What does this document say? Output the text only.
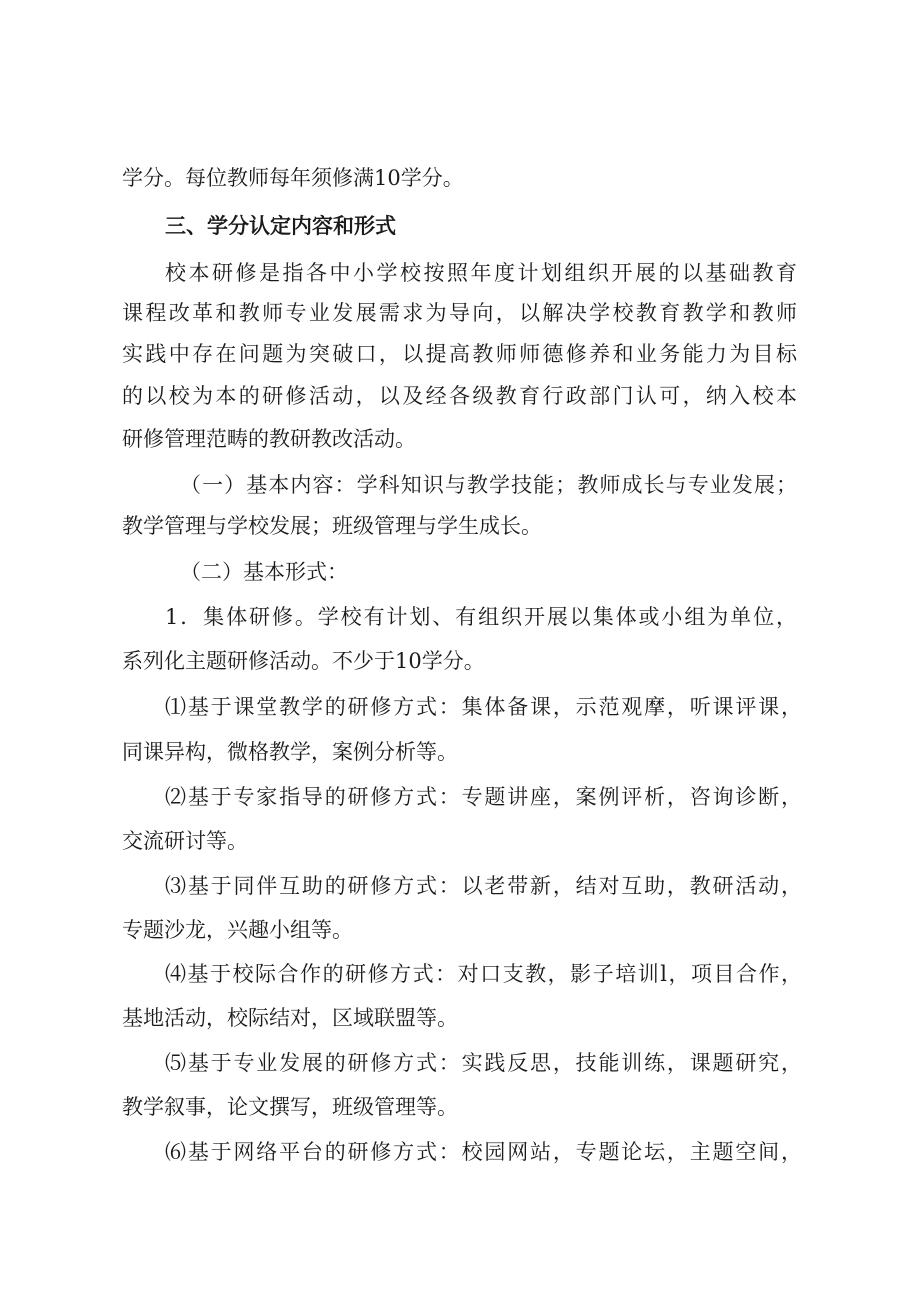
学分。每位教师每年须修满10学分。
三、学分认定内容和形式
校本研修是指各中小学校按照年度计划组织开展的以基础教育
课程改革和教师专业发展需求为导向，以解决学校教育教学和教师
实践中存在问题为突破口，以提高教师师德修养和业务能力为目标
的以校为本的研修活动，以及经各级教育行政部门认可，纳入校本
研修管理范畴的教研教改活动。
（一）基本内容：学科知识与教学技能；教师成长与专业发展；
教学管理与学校发展；班级管理与学生成长。
（二）基本形式：
1．集体研修。学校有计划、有组织开展以集体或小组为单位，
系列化主题研修活动。不少于10学分。
⑴基于课堂教学的研修方式：集体备课，示范观摩，听课评课，
同课异构，微格教学，案例分析等。
⑵基于专家指导的研修方式：专题讲座，案例评析，咨询诊断，
交流研讨等。
⑶基于同伴互助的研修方式：以老带新，结对互助，教研活动，
专题沙龙，兴趣小组等。
⑷基于校际合作的研修方式：对口支教，影子培训l，项目合作，
基地活动，校际结对，区域联盟等。
⑸基于专业发展的研修方式：实践反思，技能训练，课题研究，
教学叙事，论文撰写，班级管理等。
⑹基于网络平台的研修方式：校园网站，专题论坛，主题空间，
